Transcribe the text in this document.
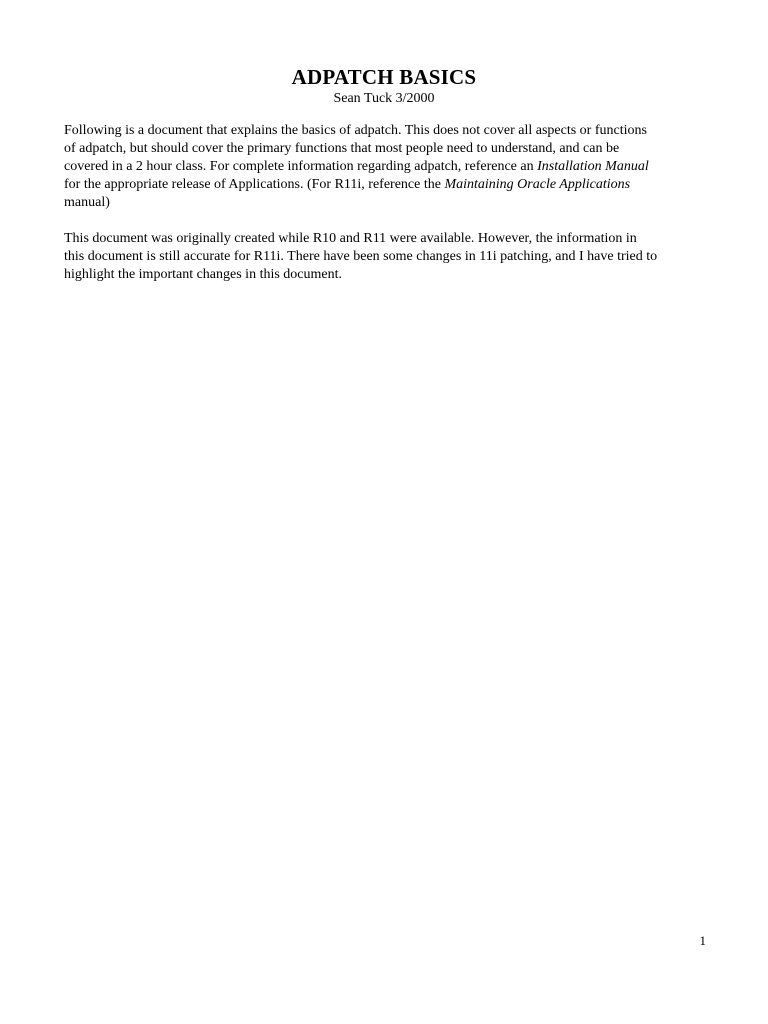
ADPATCH BASICS
Sean Tuck 3/2000

Following is a document that explains the basics of adpatch. This does not cover all aspects or functions
of adpatch, but should cover the primary functions that most people need to understand, and can be
covered in a 2 hour class. For complete information regarding adpatch, reference an Installation Manual
for the appropriate release of Applications. (For R11i, reference the Maintaining Oracle Applications
manual)

This document was originally created while R10 and R11 were available. However, the information in
this document is still accurate for R11i. There have been some changes in 11i patching, and I have tried to
highlight the important changes in this document.

1
